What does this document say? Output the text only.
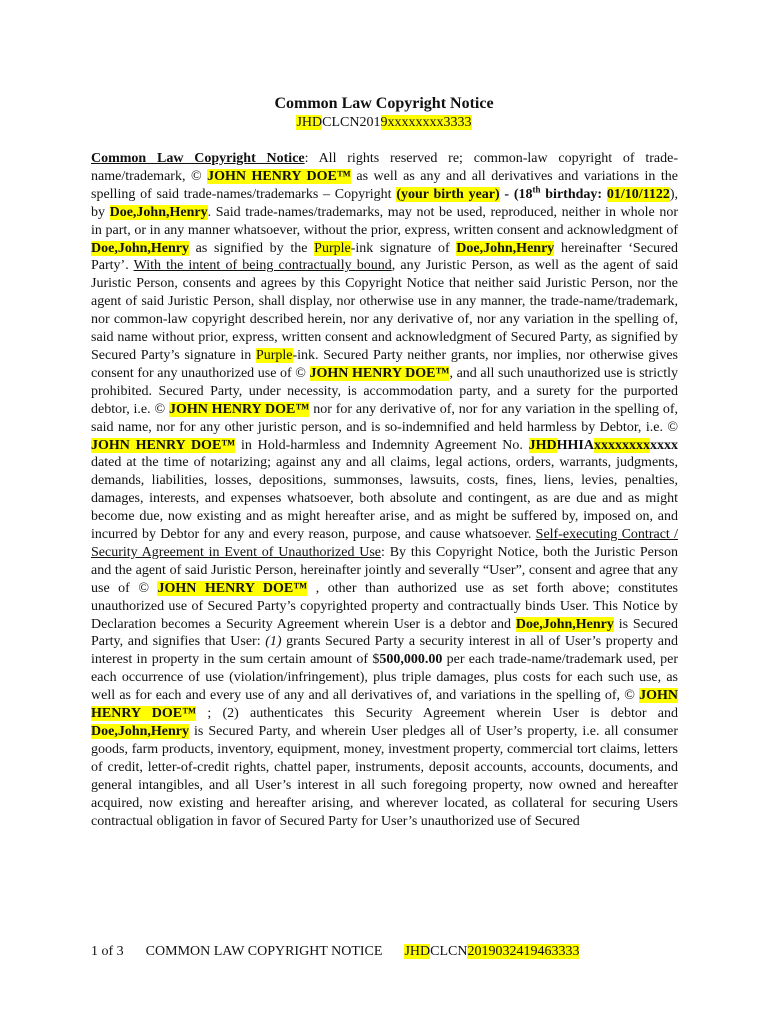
Common Law Copyright Notice
JHDCLCN2019xxxxxxxx3333

Common Law Copyright Notice: All rights reserved re; common-law copyright of trade-name/trademark, © JOHN HENRY DOE™ as well as any and all derivatives and variations in the spelling of said trade-names/trademarks – Copyright (your birth year) - (18th birthday: 01/10/1122), by Doe,John,Henry. Said trade-names/trademarks, may not be used, reproduced, neither in whole nor in part, or in any manner whatsoever, without the prior, express, written consent and acknowledgment of Doe,John,Henry as signified by the Purple-ink signature of Doe,John,Henry hereinafter ‘Secured Party’. With the intent of being contractually bound, any Juristic Person, as well as the agent of said Juristic Person, consents and agrees by this Copyright Notice that neither said Juristic Person, nor the agent of said Juristic Person, shall display, nor otherwise use in any manner, the trade-name/trademark, nor common-law copyright described herein, nor any derivative of, nor any variation in the spelling of, said name without prior, express, written consent and acknowledgment of Secured Party, as signified by Secured Party’s signature in Purple-ink. Secured Party neither grants, nor implies, nor otherwise gives consent for any unauthorized use of © JOHN HENRY DOE™, and all such unauthorized use is strictly prohibited. Secured Party, under necessity, is accommodation party, and a surety for the purported debtor, i.e. © JOHN HENRY DOE™ nor for any derivative of, nor for any variation in the spelling of, said name, nor for any other juristic person, and is so-indemnified and held harmless by Debtor, i.e. © JOHN HENRY DOE™ in Hold-harmless and Indemnity Agreement No. JHDHHIAxxxxxxxxxxxx dated at the time of notarizing; against any and all claims, legal actions, orders, warrants, judgments, demands, liabilities, losses, depositions, summonses, lawsuits, costs, fines, liens, levies, penalties, damages, interests, and expenses whatsoever, both absolute and contingent, as are due and as might become due, now existing and as might hereafter arise, and as might be suffered by, imposed on, and incurred by Debtor for any and every reason, purpose, and cause whatsoever. Self-executing Contract / Security Agreement in Event of Unauthorized Use: By this Copyright Notice, both the Juristic Person and the agent of said Juristic Person, hereinafter jointly and severally “User”, consent and agree that any use of © JOHN HENRY DOE™ , other than authorized use as set forth above; constitutes unauthorized use of Secured Party’s copyrighted property and contractually binds User. This Notice by Declaration becomes a Security Agreement wherein User is a debtor and Doe,John,Henry is Secured Party, and signifies that User: (1) grants Secured Party a security interest in all of User’s property and interest in property in the sum certain amount of $500,000.00 per each trade-name/trademark used, per each occurrence of use (violation/infringement), plus triple damages, plus costs for each such use, as well as for each and every use of any and all derivatives of, and variations in the spelling of, © JOHN HENRY DOE™ ; (2) authenticates this Security Agreement wherein User is debtor and Doe,John,Henry is Secured Party, and wherein User pledges all of User’s property, i.e. all consumer goods, farm products, inventory, equipment, money, investment property, commercial tort claims, letters of credit, letter-of-credit rights, chattel paper, instruments, deposit accounts, accounts, documents, and general intangibles, and all User’s interest in all such foregoing property, now owned and hereafter acquired, now existing and hereafter arising, and wherever located, as collateral for securing Users contractual obligation in favor of Secured Party for User’s unauthorized use of Secured

1 of 3 COMMON LAW COPYRIGHT NOTICE JHDCLCN2019032419463333
